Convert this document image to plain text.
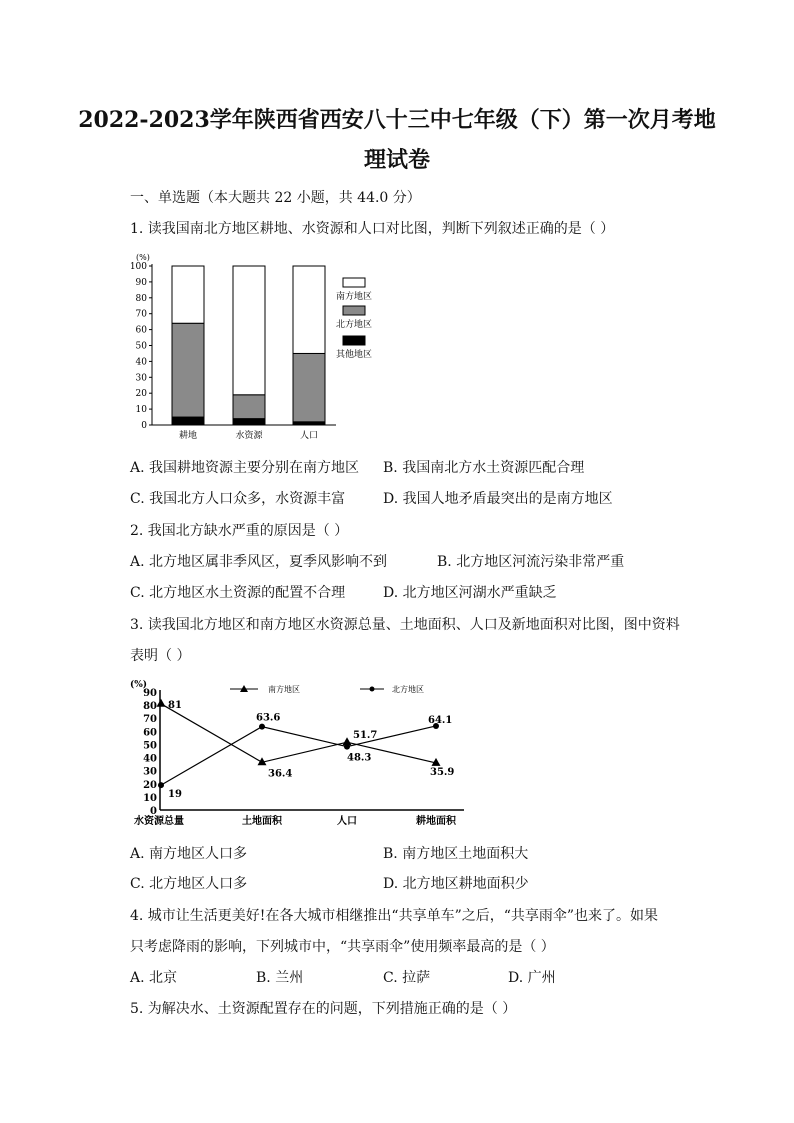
2022-2023学年陕西省西安八十三中七年级（下）第一次月考地
理试卷
一、单选题（本大题共 22 小题，共 44.0 分）
1. 读我国南北方地区耕地、水资源和人口对比图，判断下列叙述正确的是（ ）
(%)
0
10
20
30
40
50
60
70
80
90
100
耕地	水资源	人口
南方地区
北方地区
其他地区
A. 我国耕地资源主要分别在南方地区 B. 我国南北方水土资源匹配合理
C. 我国北方人口众多，水资源丰富	D. 我国人地矛盾最突出的是南方地区
2. 我国北方缺水严重的原因是（ ）
A. 北方地区属非季风区，夏季风影响不到	B. 北方地区河流污染非常严重
C. 北方地区水土资源的配置不合理	D. 北方地区河湖水严重缺乏
3. 读我国北方地区和南方地区水资源总量、土地面积、人口及新地面积对比图，图中资料
表明（ ）
(%)
0
10
20
30
40
50
60
70
80
90
水资源总量	土地面积	人口	耕地面积
南方地区	北方地区
81
36.4
51.7
35.9
19
63.6
48.3
64.1
A. 南方地区人口多	B. 南方地区土地面积大
C. 北方地区人口多	D. 北方地区耕地面积少
4. 城市让生活更美好!在各大城市相继推出“共享单车”之后，“共享雨伞”也来了。如果
只考虑降雨的影响，下列城市中，“共享雨伞”使用频率最高的是（ ）
A. 北京	B. 兰州	C. 拉萨	D. 广州
5. 为解决水、土资源配置存在的问题，下列措施正确的是（ ）
